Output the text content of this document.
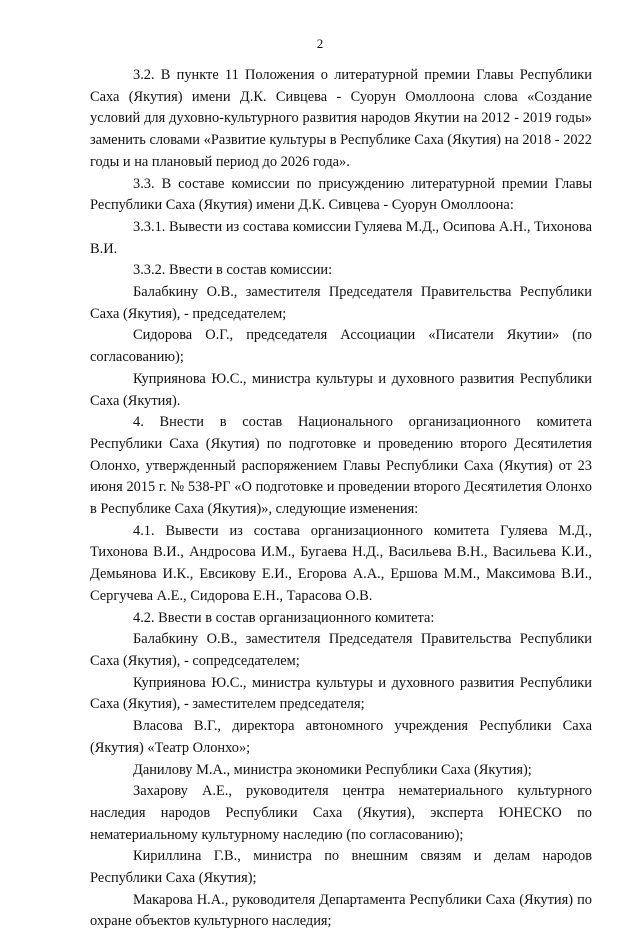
2

3.2. В пункте 11 Положения о литературной премии Главы Республики Саха (Якутия) имени Д.К. Сивцева - Суорун Омоллоона слова «Создание условий для духовно-культурного развития народов Якутии на 2012 - 2019 годы» заменить словами «Развитие культуры в Республике Саха (Якутия) на 2018 - 2022 годы и на плановый период до 2026 года».

3.3. В составе комиссии по присуждению литературной премии Главы Республики Саха (Якутия) имени Д.К. Сивцева - Суорун Омоллоона:

3.3.1. Вывести из состава комиссии Гуляева М.Д., Осипова А.Н., Тихонова В.И.

3.3.2. Ввести в состав комиссии:

Балабкину О.В., заместителя Председателя Правительства Республики Саха (Якутия), - председателем;

Сидорова О.Г., председателя Ассоциации «Писатели Якутии» (по согласованию);

Куприянова Ю.С., министра культуры и духовного развития Республики Саха (Якутия).

4. Внести в состав Национального организационного комитета Республики Саха (Якутия) по подготовке и проведению второго Десятилетия Олонхо, утвержденный распоряжением Главы Республики Саха (Якутия) от 23 июня 2015 г. № 538-РГ «О подготовке и проведении второго Десятилетия Олонхо в Республике Саха (Якутия)», следующие изменения:

4.1. Вывести из состава организационного комитета Гуляева М.Д., Тихонова В.И., Андросова И.М., Бугаева Н.Д., Васильева В.Н., Васильева К.И., Демьянова И.К., Евсикову Е.И., Егорова А.А., Ершова М.М., Максимова В.И., Сергучева А.Е., Сидорова Е.Н., Тарасова О.В.

4.2. Ввести в состав организационного комитета:

Балабкину О.В., заместителя Председателя Правительства Республики Саха (Якутия), - сопредседателем;

Куприянова Ю.С., министра культуры и духовного развития Республики Саха (Якутия), - заместителем председателя;

Власова В.Г., директора автономного учреждения Республики Саха (Якутия) «Театр Олонхо»;

Данилову М.А., министра экономики Республики Саха (Якутия);

Захарову А.Е., руководителя центра нематериального культурного наследия народов Республики Саха (Якутия), эксперта ЮНЕСКО по нематериальному культурному наследию (по согласованию);

Кириллина Г.В., министра по внешним связям и делам народов Республики Саха (Якутия);

Макарова Н.А., руководителя Департамента Республики Саха (Якутия) по охране объектов культурного наследия;
